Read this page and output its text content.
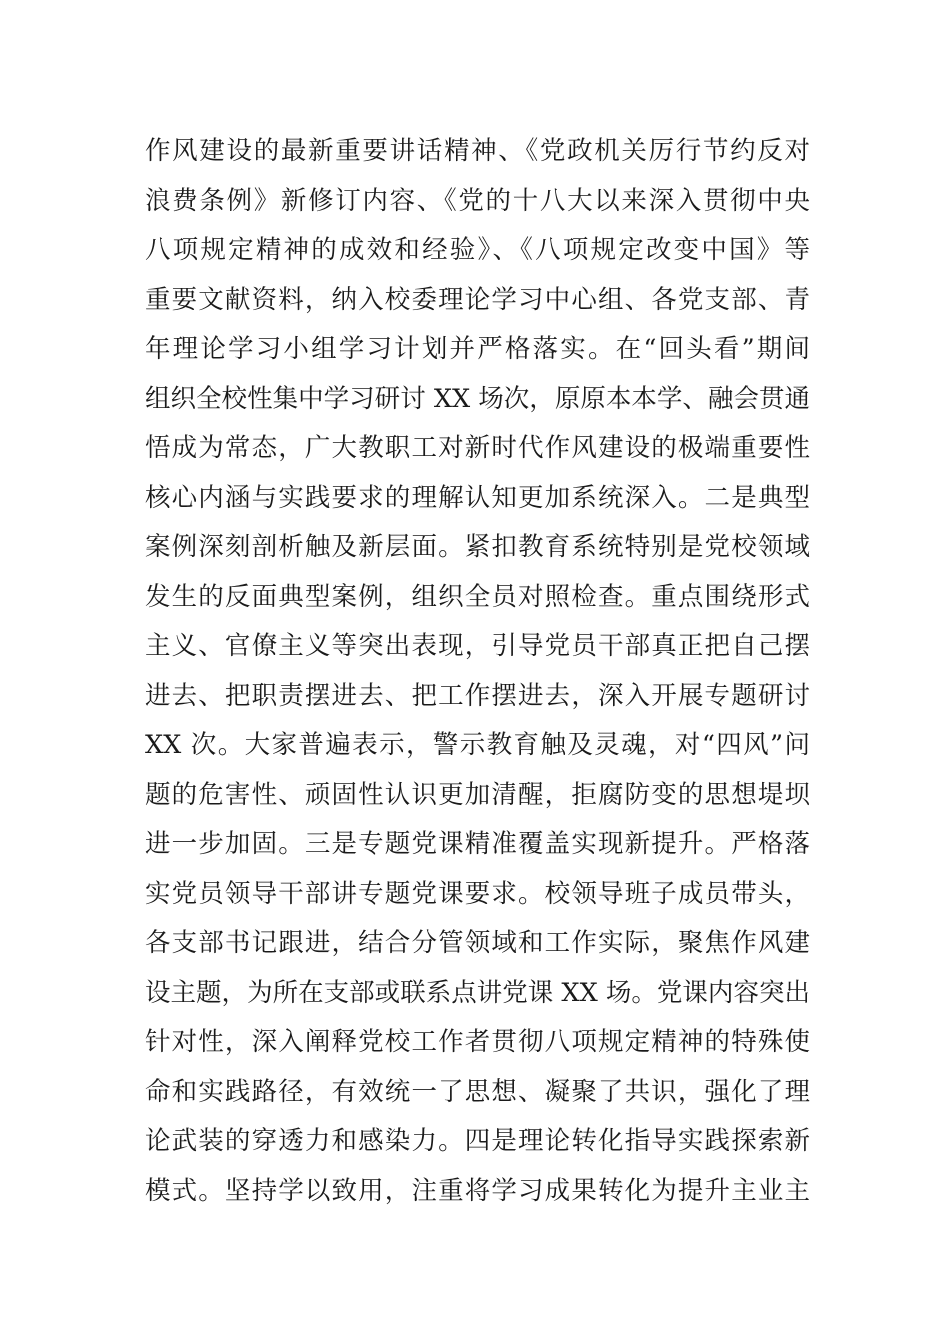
作风建设的最新重要讲话精神、《党政机关厉行节约反对
浪费条例》新修订内容、《党的十八大以来深入贯彻中央
八项规定精神的成效和经验》、《八项规定改变中国》等
重要文献资料，纳入校委理论学习中心组、各党支部、青
年理论学习小组学习计划并严格落实。在“回头看”期间
组织全校性集中学习研讨 XX 场次，原原本本学、融会贯通
悟成为常态，广大教职工对新时代作风建设的极端重要性
核心内涵与实践要求的理解认知更加系统深入。二是典型
案例深刻剖析触及新层面。紧扣教育系统特别是党校领域
发生的反面典型案例，组织全员对照检查。重点围绕形式
主义、官僚主义等突出表现，引导党员干部真正把自己摆
进去、把职责摆进去、把工作摆进去，深入开展专题研讨
XX 次。大家普遍表示，警示教育触及灵魂，对“四风”问
题的危害性、顽固性认识更加清醒，拒腐防变的思想堤坝
进一步加固。三是专题党课精准覆盖实现新提升。严格落
实党员领导干部讲专题党课要求。校领导班子成员带头，
各支部书记跟进，结合分管领域和工作实际，聚焦作风建
设主题，为所在支部或联系点讲党课 XX 场。党课内容突出
针对性，深入阐释党校工作者贯彻八项规定精神的特殊使
命和实践路径，有效统一了思想、凝聚了共识，强化了理
论武装的穿透力和感染力。四是理论转化指导实践探索新
模式。坚持学以致用，注重将学习成果转化为提升主业主
